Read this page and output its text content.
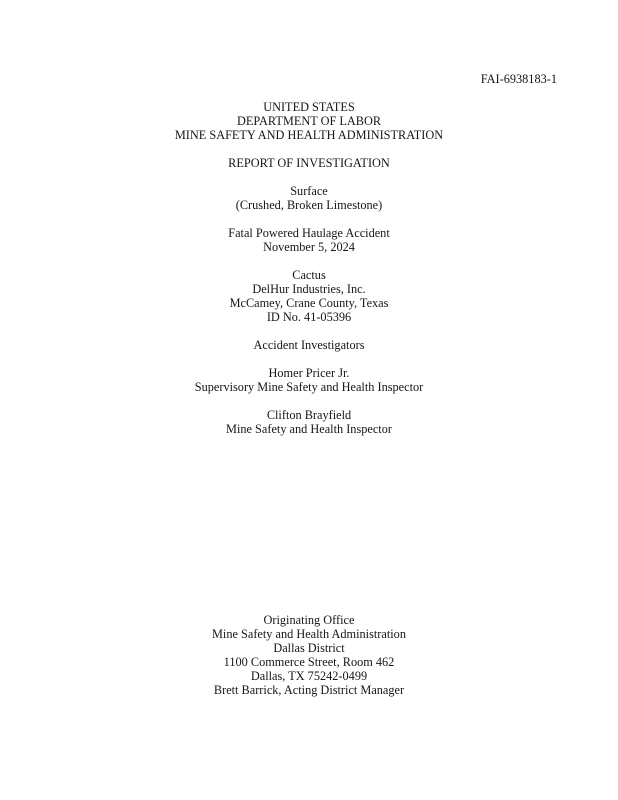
FAI-6938183-1
UNITED STATES
DEPARTMENT OF LABOR
MINE SAFETY AND HEALTH ADMINISTRATION
REPORT OF INVESTIGATION
Surface
(Crushed, Broken Limestone)
Fatal Powered Haulage Accident
November 5, 2024
Cactus
DelHur Industries, Inc.
McCamey, Crane County, Texas
ID No. 41-05396
Accident Investigators
Homer Pricer Jr.
Supervisory Mine Safety and Health Inspector
Clifton Brayfield
Mine Safety and Health Inspector
Originating Office
Mine Safety and Health Administration
Dallas District
1100 Commerce Street, Room 462
Dallas, TX 75242-0499
Brett Barrick, Acting District Manager
